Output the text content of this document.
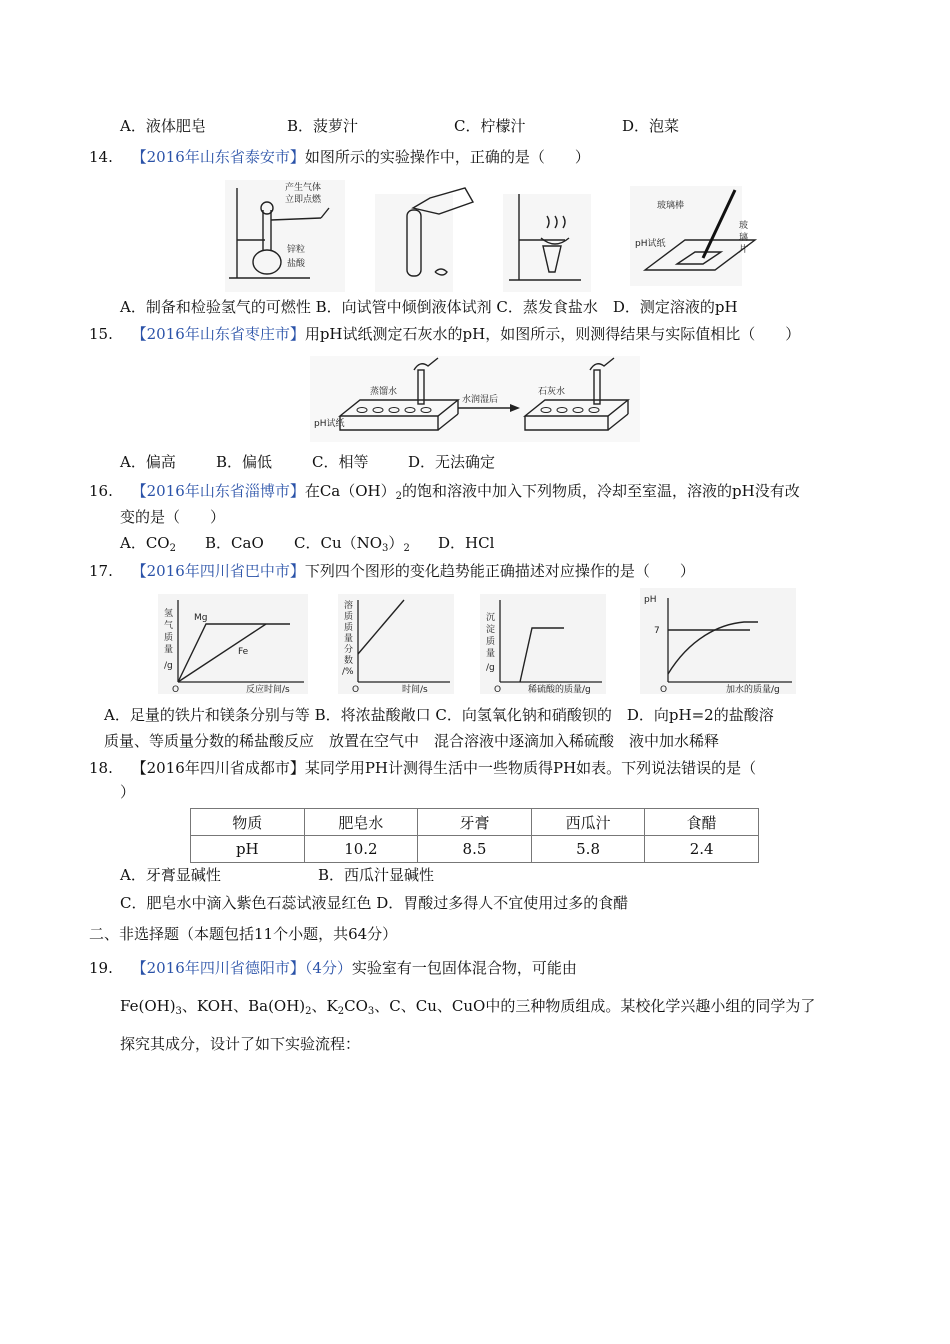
A．液体肥皂	B．菠萝汁	C．柠檬汁	D．泡菜
14. 【2016年山东省泰安市】如图所示的实验操作中，正确的是（　　）
产生气体
立即点燃
锌粒
盐酸
玻璃棒
玻
璃
片
pH试纸
A．制备和检验氢气的可燃性 B．向试管中倾倒液体试剂 C．蒸发食盐水　D．测定溶液的pH
15. 【2016年山东省枣庄市】用pH试纸测定石灰水的pH，如图所示，则测得结果与实际值相比（　　）
蒸馏水
pH试纸
水润湿后
石灰水
A．偏高	B．偏低	C．相等	D．无法确定
16. 【2016年山东省淄博市】在$Ca(OH)_2$的饱和溶液中加入下列物质，冷却至室温，溶液的pH没有改
变的是（　　）
A．$CO_2$ B．CaO C．$Cu(NO_3)_2$ D．HCl
17. 【2016年四川省巴中市】下列四个图形的变化趋势能正确描述对应操作的是（　　）
Mg
Fe
氢
气
质
量
/g
O	反应时间/s
溶
质
质
量
分
数
/%
O	时间/s
沉
淀
质
量
/g
O	稀硫酸的质量/g
pH
7
O	加水的质量/g
A．足量的铁片和镁条分别与等 B．将浓盐酸敞口 C．向氢氧化钠和硝酸钡的　D．向pH=2的盐酸溶
质量、等质量分数的稀盐酸反应　放置在空气中　混合溶液中逐滴加入稀硫酸　液中加水稀释
18. 【2016年四川省成都市】某同学用PH计测得生活中一些物质得PH如表。下列说法错误的是（
）
物质	肥皂水	牙膏	西瓜汁	食醋
pH	10.2	8.5	5.8	2.4
A．牙膏显碱性	B．西瓜汁显碱性
C．肥皂水中滴入紫色石蕊试液显红色 D．胃酸过多得人不宜使用过多的食醋
二、非选择题（本题包括11个小题，共64分）
19. 【2016年四川省德阳市】（4分）实验室有一包固体混合物，可能由
$Fe(OH)_3$、KOH、$Ba(OH)_2$、$K_2CO_3$、C、Cu、CuO中的三种物质组成。某校化学兴趣小组的同学为了
探究其成分，设计了如下实验流程：
